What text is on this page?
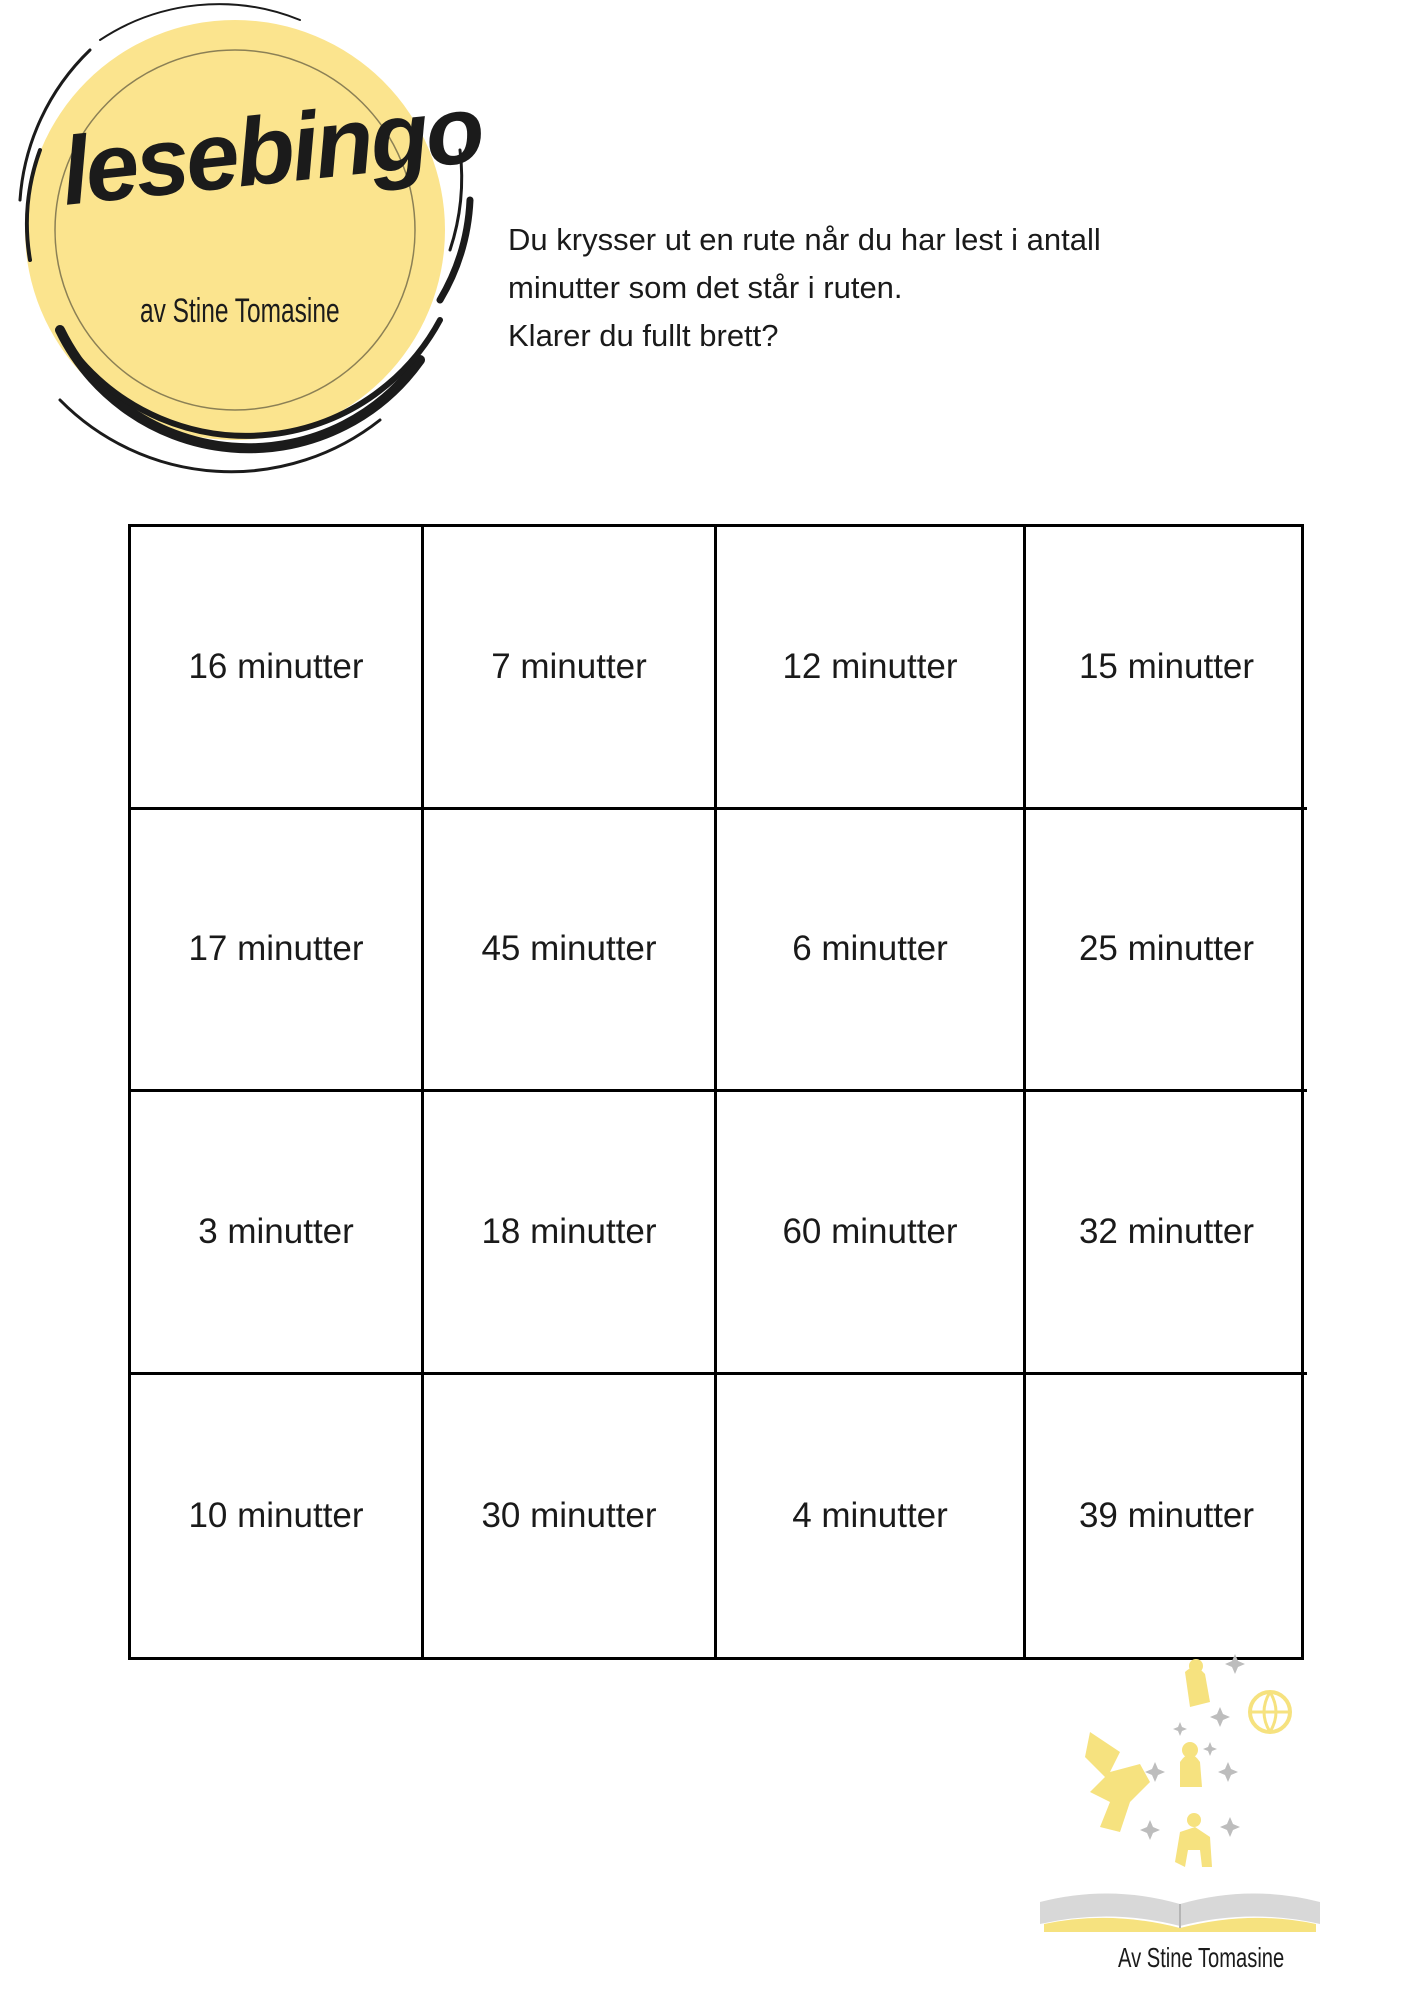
lesebingo
av Stine Tomasine
Du krysser ut en rute når du har lest i antall
minutter som det står i ruten.
Klarer du fullt brett?
16 minutter	7 minutter	12 minutter	15 minutter
17 minutter	45 minutter	6 minutter	25 minutter
3 minutter	18 minutter	60 minutter	32 minutter
10 minutter	30 minutter	4 minutter	39 minutter
Av Stine Tomasine
